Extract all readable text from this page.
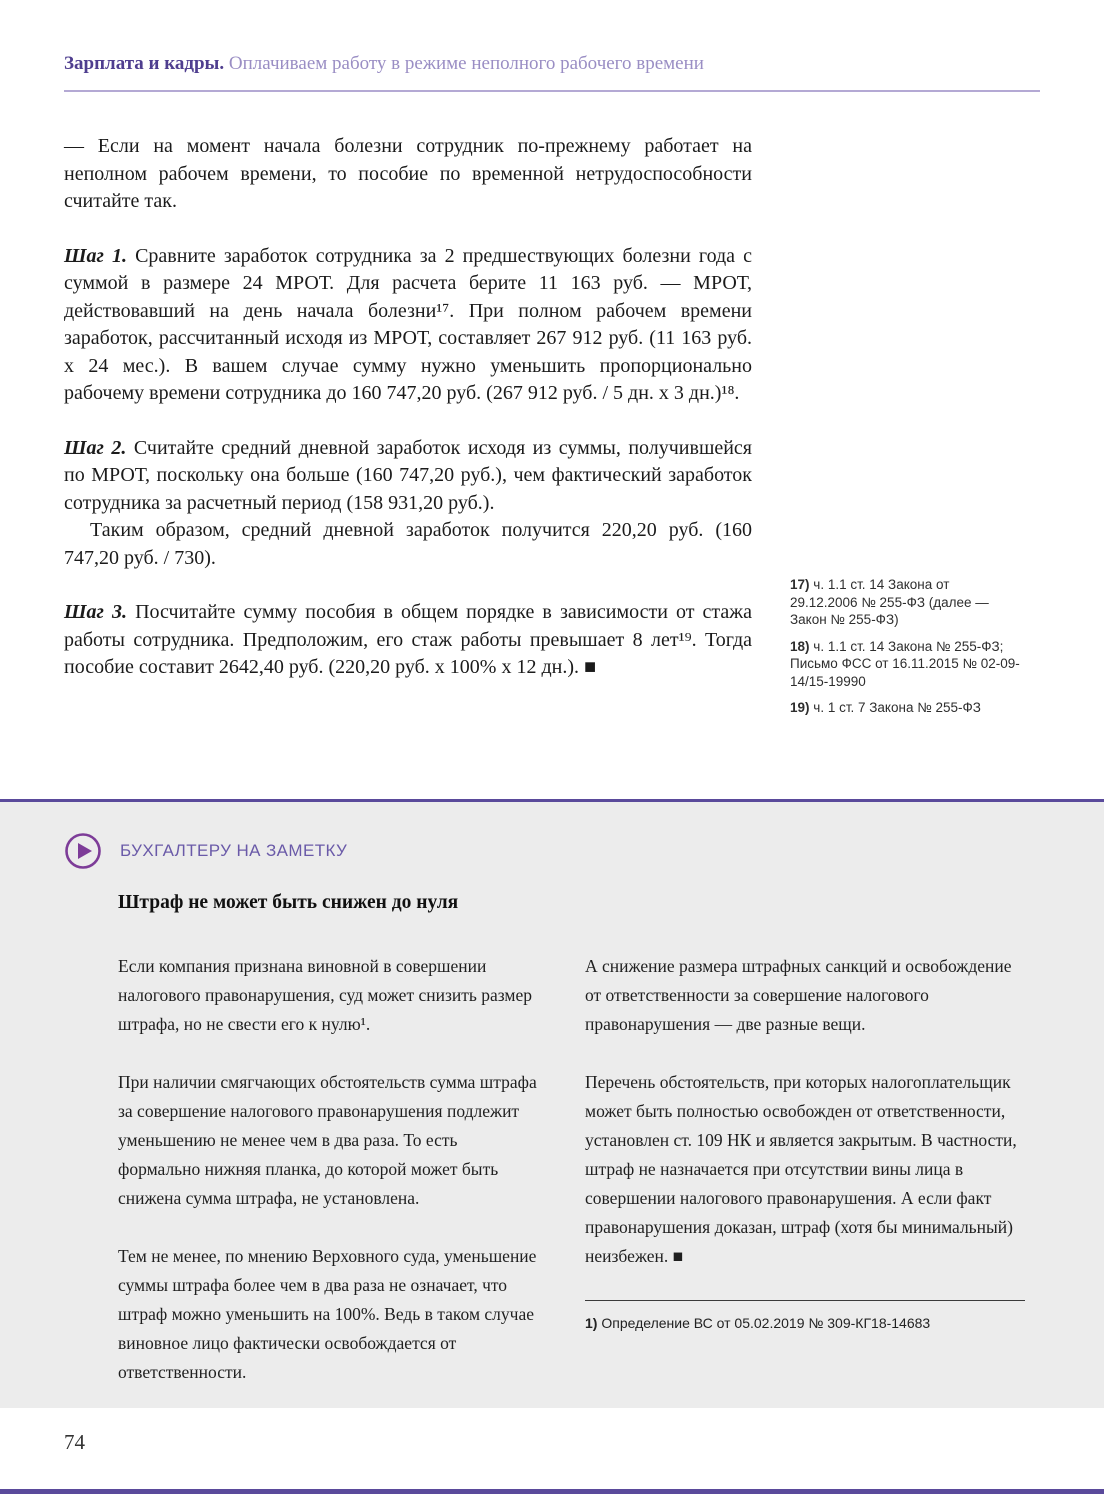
Зарплата и кадры. Оплачиваем работу в режиме неполного рабочего времени

— Если на момент начала болезни сотрудник по-прежнему работает на неполном рабочем времени, то пособие по временной нетрудоспособности считайте так.

Шаг 1. Сравните заработок сотрудника за 2 предшествующих болезни года с суммой в размере 24 МРОТ. Для расчета берите 11 163 руб. — МРОТ, действовавший на день начала болезни¹⁷. При полном рабочем времени заработок, рассчитанный исходя из МРОТ, составляет 267 912 руб. (11 163 руб. х 24 мес.). В вашем случае сумму нужно уменьшить пропорционально рабочему времени сотрудника до 160 747,20 руб. (267 912 руб. / 5 дн. х 3 дн.)¹⁸.

Шаг 2. Считайте средний дневной заработок исходя из суммы, получившейся по МРОТ, поскольку она больше (160 747,20 руб.), чем фактический заработок сотрудника за расчетный период (158 931,20 руб.).

Таким образом, средний дневной заработок получится 220,20 руб. (160 747,20 руб. / 730).

Шаг 3. Посчитайте сумму пособия в общем порядке в зависимости от стажа работы сотрудника. Предположим, его стаж работы превышает 8 лет¹⁹. Тогда пособие составит 2642,40 руб. (220,20 руб. х 100% х 12 дн.). ■

17) ч. 1.1 ст. 14 Закона от 29.12.2006 № 255-ФЗ (далее — Закон № 255-ФЗ)

18) ч. 1.1 ст. 14 Закона № 255-ФЗ; Письмо ФСС от 16.11.2015 № 02-09-14/15-19990

19) ч. 1 ст. 7 Закона № 255-ФЗ

БУХГАЛТЕРУ НА ЗАМЕТКУ
Штраф не может быть снижен до нуля

Если компания признана виновной в совершении налогового правонарушения, суд может снизить размер штрафа, но не свести его к нулю¹.

При наличии смягчающих обстоятельств сумма штрафа за совершение налогового правонарушения подлежит уменьшению не менее чем в два раза. То есть формально нижняя планка, до которой может быть снижена сумма штрафа, не установлена.

Тем не менее, по мнению Верховного суда, уменьшение суммы штрафа более чем в два раза не означает, что штраф можно уменьшить на 100%. Ведь в таком случае виновное лицо фактически освобождается от ответственности.

А снижение размера штрафных санкций и освобождение от ответственности за совершение налогового правонарушения — две разные вещи.

Перечень обстоятельств, при которых налогоплательщик может быть полностью освобожден от ответственности, установлен ст. 109 НК и является закрытым. В частности, штраф не назначается при отсутствии вины лица в совершении налогового правонарушения. А если факт правонарушения доказан, штраф (хотя бы минимальный) неизбежен. ■

1) Определение ВС от 05.02.2019 № 309-КГ18-14683
74
